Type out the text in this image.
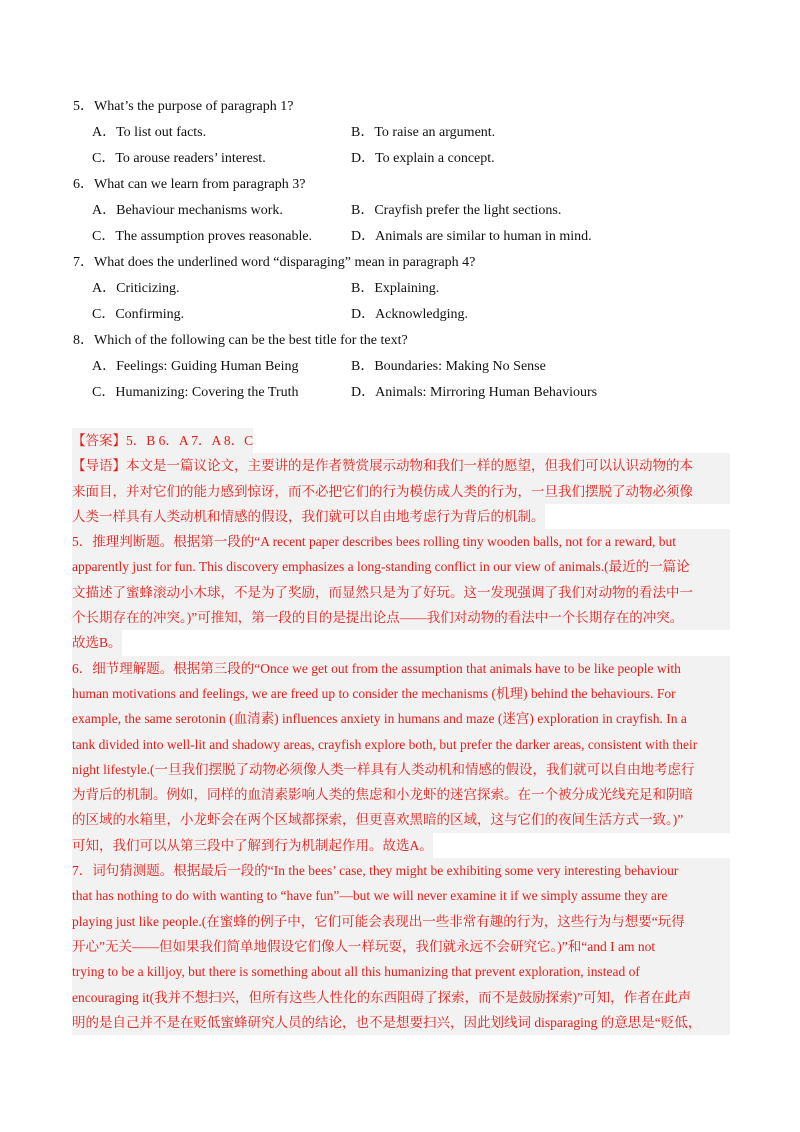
5．What’s the purpose of paragraph 1?
A．To list out facts.	B．To raise an argument.
C．To arouse readers’ interest.	D．To explain a concept.
6．What can we learn from paragraph 3?
A．Behaviour mechanisms work.	B．Crayfish prefer the light sections.
C．The assumption proves reasonable.	D．Animals are similar to human in mind.
7．What does the underlined word “disparaging” mean in paragraph 4?
A．Criticizing.	B．Explaining.
C．Confirming.	D．Acknowledging.
8．Which of the following can be the best title for the text?
A．Feelings: Guiding Human Being	B．Boundaries: Making No Sense
C．Humanizing: Covering the Truth	D．Animals: Mirroring Human Behaviours
【答案】5．B 6．A 7．A 8．C
【导语】本文是一篇议论文，主要讲的是作者赞赏展示动物和我们一样的愿望，但我们可以认识动物的本
来面目，并对它们的能力感到惊讶，而不必把它们的行为模仿成人类的行为，一旦我们摆脱了动物必须像
人类一样具有人类动机和情感的假设，我们就可以自由地考虑行为背后的机制。
5．推理判断题。根据第一段的“A recent paper describes bees rolling tiny wooden balls, not for a reward, but
apparently just for fun. This discovery emphasizes a long-standing conflict in our view of animals.(最近的一篇论
文描述了蜜蜂滚动小木球，不是为了奖励，而显然只是为了好玩。这一发现强调了我们对动物的看法中一
个长期存在的冲突。)”可推知，第一段的目的是提出论点——我们对动物的看法中一个长期存在的冲突。
故选B。
6．细节理解题。根据第三段的“Once we get out from the assumption that animals have to be like people with
human motivations and feelings, we are freed up to consider the mechanisms (机理) behind the behaviours. For
example, the same serotonin (血清素) influences anxiety in humans and maze (迷宫) exploration in crayfish. In a
tank divided into well-lit and shadowy areas, crayfish explore both, but prefer the darker areas, consistent with their
night lifestyle.(一旦我们摆脱了动物必须像人类一样具有人类动机和情感的假设，我们就可以自由地考虑行
为背后的机制。例如，同样的血清素影响人类的焦虑和小龙虾的迷宫探索。在一个被分成光线充足和阴暗
的区域的水箱里，小龙虾会在两个区域都探索，但更喜欢黑暗的区域，这与它们的夜间生活方式一致。)”
可知，我们可以从第三段中了解到行为机制起作用。故选A。
7．词句猜测题。根据最后一段的“In the bees’ case, they might be exhibiting some very interesting behaviour
that has nothing to do with wanting to “have fun”—but we will never examine it if we simply assume they are
playing just like people.(在蜜蜂的例子中，它们可能会表现出一些非常有趣的行为，这些行为与想要“玩得
开心”无关——但如果我们简单地假设它们像人一样玩耍，我们就永远不会研究它。)”和“and I am not
trying to be a killjoy, but there is something about all this humanizing that prevent exploration, instead of
encouraging it(我并不想扫兴，但所有这些人性化的东西阻碍了探索，而不是鼓励探索)”可知，作者在此声
明的是自己并不是在贬低蜜蜂研究人员的结论，也不是想要扫兴，因此划线词 disparaging 的意思是“贬低，
